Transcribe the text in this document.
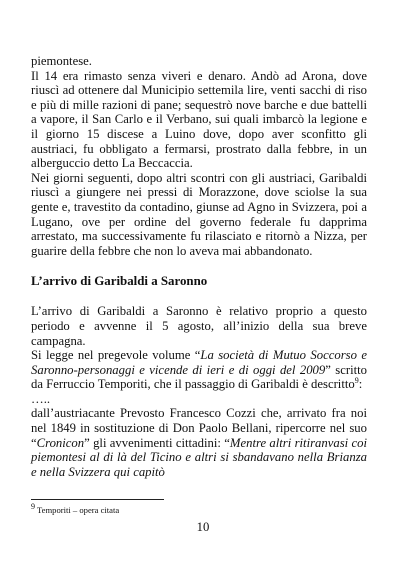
piemontese.

Il 14 era rimasto senza viveri e denaro. Andò ad Arona, dove riuscì ad ottenere dal Municipio settemila lire, venti sacchi di riso e più di mille razioni di pane; sequestrò nove barche e due battelli a vapore, il San Carlo e il Verbano, sui quali imbarcò la legione e il giorno 15 discese a Luino dove, dopo aver sconfitto gli austriaci, fu obbligato a fermarsi, prostrato dalla febbre, in un alberguccio detto La Beccaccia.

Nei giorni seguenti, dopo altri scontri con gli austriaci, Garibaldi riuscì a giungere nei pressi di Morazzone, dove sciolse la sua gente e, travestito da contadino, giunse ad Agno in Svizzera, poi a Lugano, ove per ordine del governo federale fu dapprima arrestato, ma successivamente fu rilasciato e ritornò a Nizza, per guarire della febbre che non lo aveva mai abbandonato.

L’arrivo di Garibaldi a Saronno

L’arrivo di Garibaldi a Saronno è relativo proprio a questo periodo e avvenne il 5 agosto, all’inizio della sua breve campagna.

Si legge nel pregevole volume “La società di Mutuo Soccorso e Saronno-personaggi e vicende di ieri e di oggi del 2009” scritto da Ferruccio Temporiti, che il passaggio di Garibaldi è descritto$^9$:

…..

dall’austriacante Prevosto Francesco Cozzi che, arrivato fra noi nel 1849 in sostituzione di Don Paolo Bellani, ripercorre nel suo “Cronicon” gli avvenimenti cittadini: “Mentre altri ritiranvasi coi piemontesi al di là del Ticino e altri si sbandavano nella Brianza e nella Svizzera qui capitò

$^9$ Temporiti – opera citata
10
